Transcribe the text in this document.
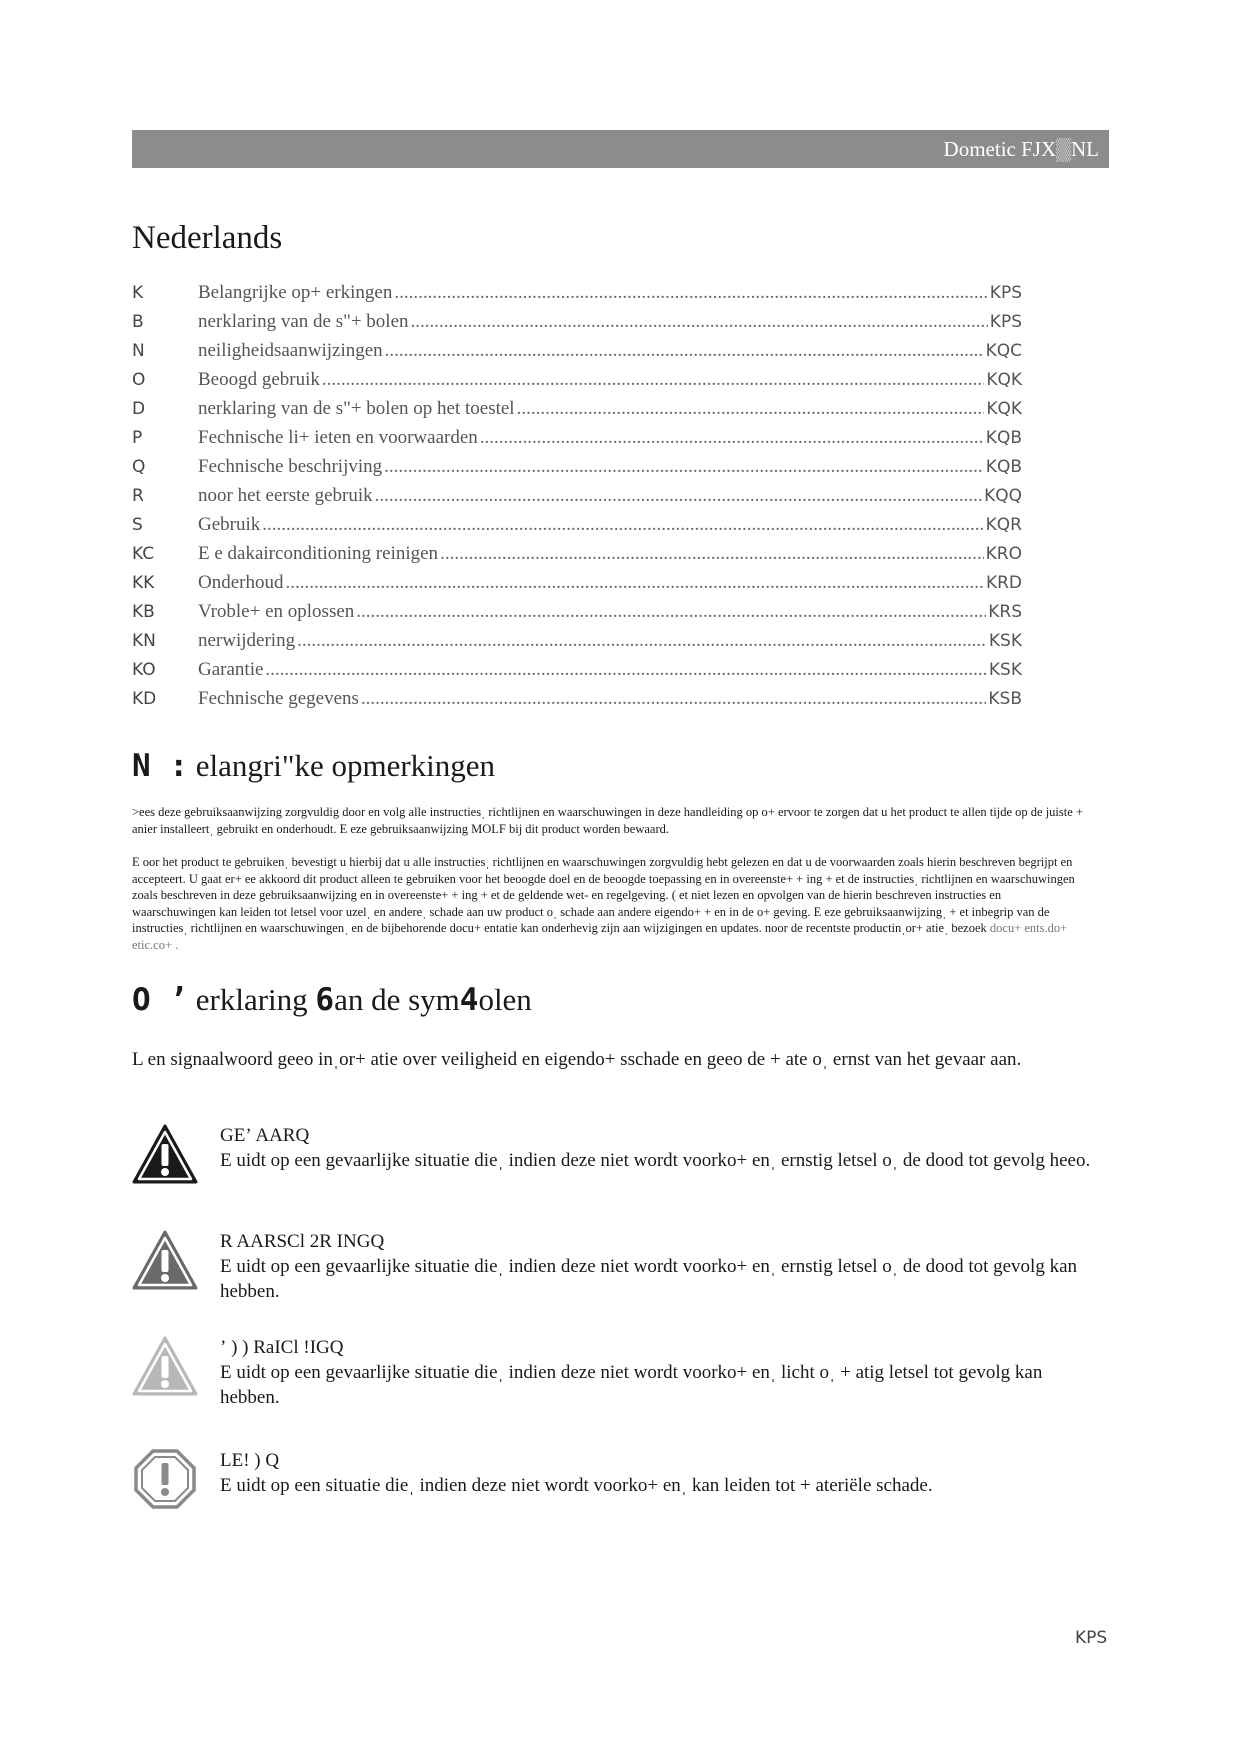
Dometic FJX▒NL
Nederlands
K	Belangrijke op+ erkingen .....	KPS
B	nerklaring van de s"+ bolen .....	KPS
N	neiligheidsaanwijzingen .....	KQC
O	Beoogd gebruik .....	KQK
D	nerklaring van de s"+ bolen op het toestel .....	KQK
P	Fechnische li+ ieten en voorwaarden .....	KQB
Q	Fechnische beschrijving .....	KQB
R	noor het eerste gebruik .....	KQQ
S	Gebruik .....	KQR
KC	E e dakairconditioning reinigen .....	KRO
KK	Onderhoud .....	KRD
KB	Vroble+ en oplossen .....	KRS
KN	nerwijdering .....	KSK
KO	Garantie .....	KSK
KD	Fechnische gegevens .....	KSB
N : elangri"ke opmerkingen

>ees deze gebruiksaanwijzing zorgvuldig door en volg alle instructiesˌ richtlijnen en waarschuwingen in deze handleiding op o+ ervoor te zorgen dat u het product te allen tijde op de juiste + anier installeertˌ gebruikt en onderhoudt. E eze gebruiksaanwijzing MOLF bij dit product worden bewaard.

E oor het product te gebruikenˌ bevestigt u hierbij dat u alle instructiesˌ richtlijnen en waarschuwingen zorgvuldig hebt gelezen en dat u de voorwaarden zoals hierin beschreven begrijpt en accepteert. U gaat er+ ee akkoord dit product alleen te gebruiken voor het beoogde doel en de beoogde toepassing en in overeenste+ + ing + et de instructiesˌ richtlijnen en waarschuwingen zoals beschreven in deze gebruiksaanwijzing en in overeenste+ + ing + et de geldende wet- en regelgeving. ( et niet lezen en opvolgen van de hierin beschreven instructies en waarschuwingen kan leiden tot letsel voor uzelˌ en andereˌ schade aan uw product oˌ schade aan andere eigendo+ + en in de o+ geving. E eze gebruiksaanwijzingˌ + et inbegrip van de instructiesˌ richtlijnen en waarschuwingenˌ en de bijbehorende docu+ entatie kan onderhevig zijn aan wijzigingen en updates. noor de recentste productinˌor+ atieˌ bezoek docu+ ents.do+ etic.co+ .

O ʼ erklaring 6an de sym4olen

L en signaalwoord geeo inˌor+ atie over veiligheid en eigendo+ sschade en geeo de + ate oˌ ernst van het gevaar aan.

GEʼ AARQ
E uidt op een gevaarlijke situatie dieˌ indien deze niet wordt voorko+ enˌ ernstig letsel oˌ de dood tot gevolg heeo.
R AARSCl 2R INGQ
E uidt op een gevaarlijke situatie dieˌ indien deze niet wordt voorko+ enˌ ernstig letsel oˌ de dood tot gevolg kan hebben.
ʼ ) ) RaICl !IGQ
E uidt op een gevaarlijke situatie dieˌ indien deze niet wordt voorko+ enˌ licht oˌ + atig letsel tot gevolg kan hebben.
LE! ) Q
E uidt op een situatie dieˌ indien deze niet wordt voorko+ enˌ kan leiden tot + ateriële schade.
KPS
